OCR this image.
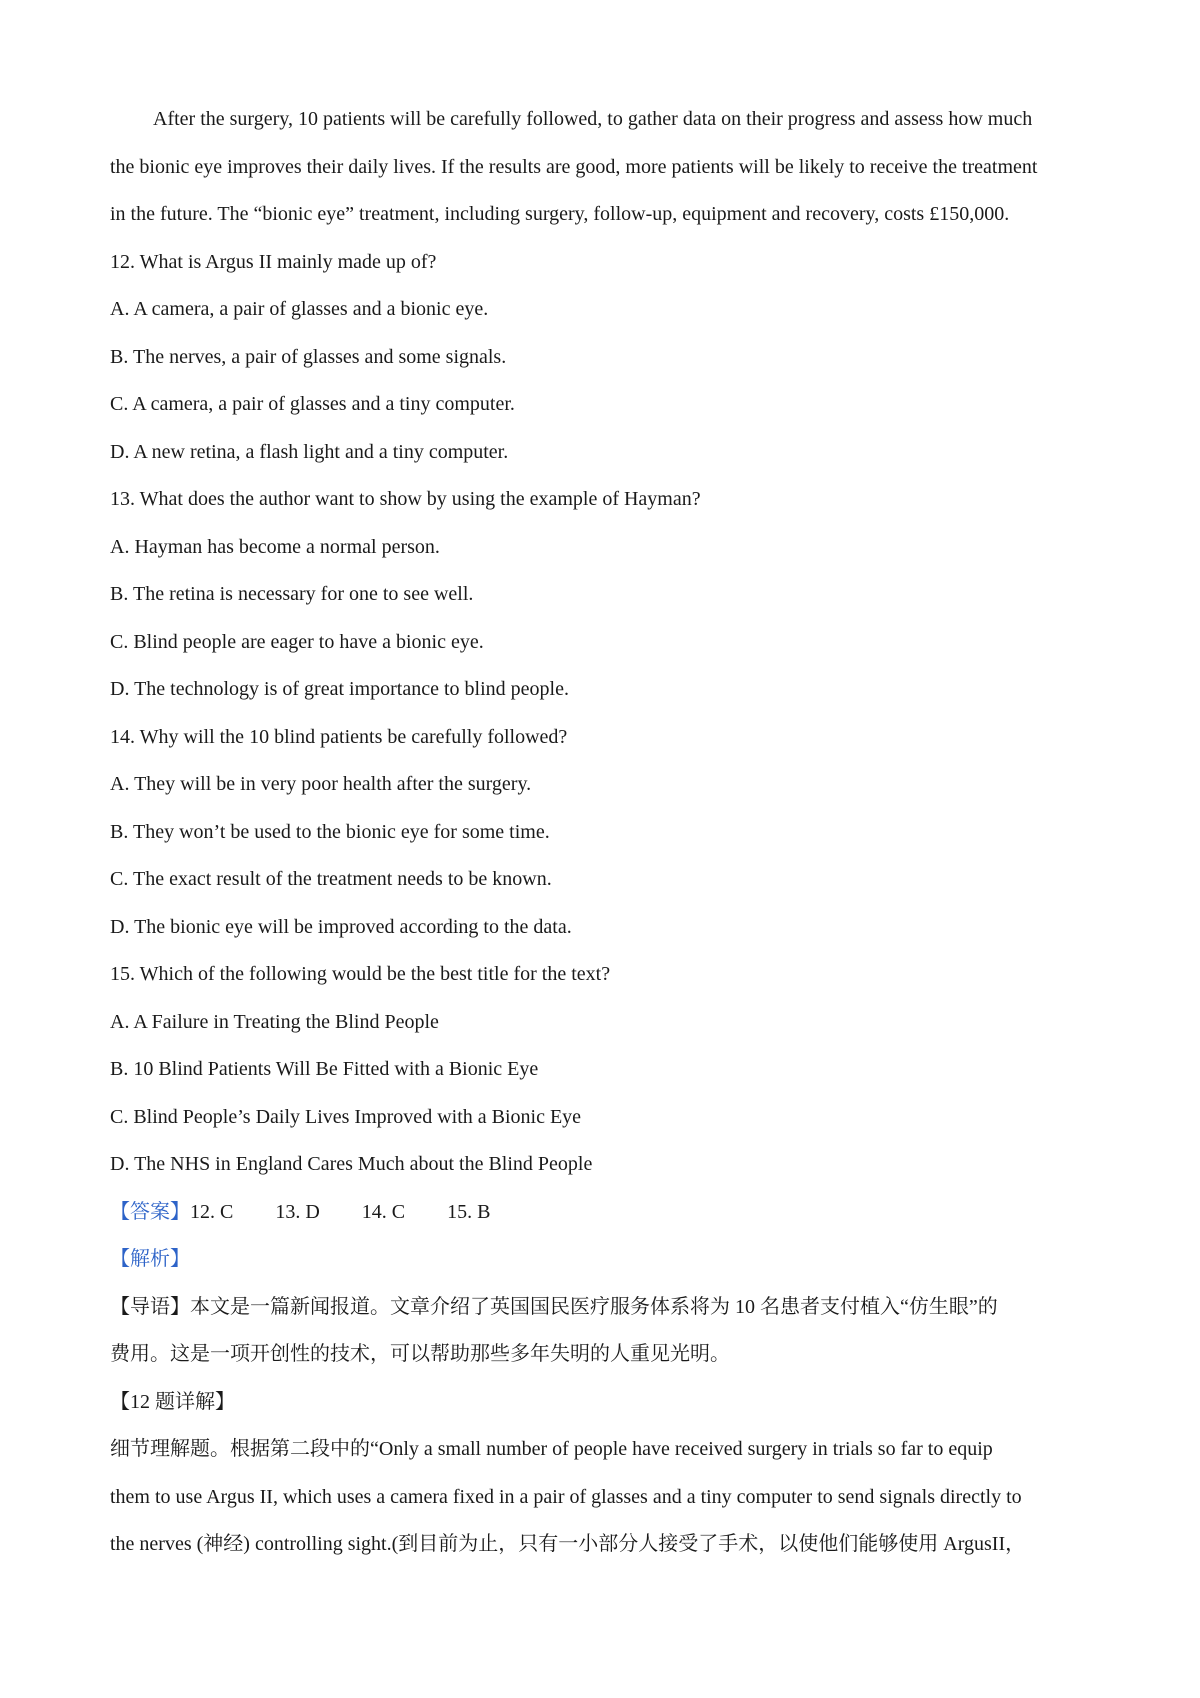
After the surgery, 10 patients will be carefully followed, to gather data on their progress and assess how much
the bionic eye improves their daily lives. If the results are good, more patients will be likely to receive the treatment
in the future. The “bionic eye” treatment, including surgery, follow-up, equipment and recovery, costs £150,000.
12. What is Argus II mainly made up of?
A. A camera, a pair of glasses and a bionic eye.
B. The nerves, a pair of glasses and some signals.
C. A camera, a pair of glasses and a tiny computer.
D. A new retina, a flash light and a tiny computer.
13. What does the author want to show by using the example of Hayman?
A. Hayman has become a normal person.
B. The retina is necessary for one to see well.
C. Blind people are eager to have a bionic eye.
D. The technology is of great importance to blind people.
14. Why will the 10 blind patients be carefully followed?
A. They will be in very poor health after the surgery.
B. They won’t be used to the bionic eye for some time.
C. The exact result of the treatment needs to be known.
D. The bionic eye will be improved according to the data.
15. Which of the following would be the best title for the text?
A. A Failure in Treating the Blind People
B. 10 Blind Patients Will Be Fitted with a Bionic Eye
C. Blind People’s Daily Lives Improved with a Bionic Eye
D. The NHS in England Cares Much about the Blind People
【答案】12. C 13. D 14. C 15. B
【解析】
【导语】本文是一篇新闻报道。文章介绍了英国国民医疗服务体系将为 10 名患者支付植入“仿生眼”的
费用。这是一项开创性的技术，可以帮助那些多年失明的人重见光明。
【12 题详解】
细节理解题。根据第二段中的“Only a small number of people have received surgery in trials so far to equip
them to use Argus II, which uses a camera fixed in a pair of glasses and a tiny computer to send signals directly to
the nerves (神经) controlling sight.(到目前为止，只有一小部分人接受了手术，以使他们能够使用 ArgusII，
